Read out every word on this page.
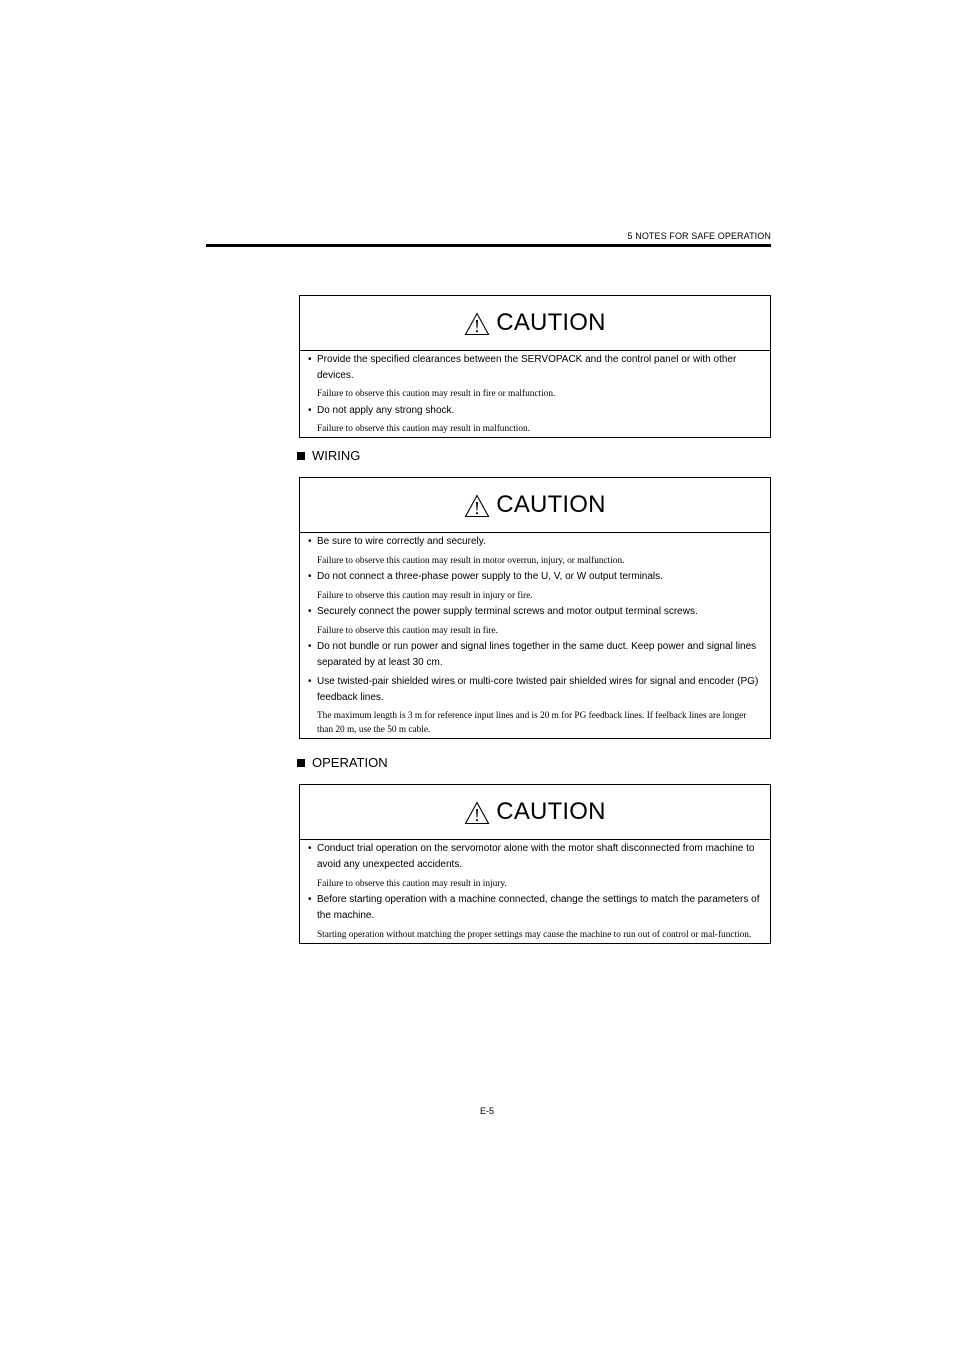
5 NOTES FOR SAFE OPERATION
CAUTION
• Provide the specified clearances between the SERVOPACK and the control panel or with other devices.
Failure to observe this caution may result in fire or malfunction.
• Do not apply any strong shock.
Failure to observe this caution may result in malfunction.
WIRING
CAUTION
• Be sure to wire correctly and securely.
Failure to observe this caution may result in motor overrun, injury, or malfunction.
• Do not connect a three-phase power supply to the U, V, or W output terminals.
Failure to observe this caution may result in injury or fire.
• Securely connect the power supply terminal screws and motor output terminal screws.
Failure to observe this caution may result in fire.
• Do not bundle or run power and signal lines together in the same duct. Keep power and signal lines separated by at least 30 cm.
• Use twisted-pair shielded wires or multi-core twisted pair shielded wires for signal and encoder (PG) feedback lines.
The maximum length is 3 m for reference input lines and is 20 m for PG feedback lines. If feelback lines are longer than 20 m, use the 50 m cable.
OPERATION
CAUTION
• Conduct trial operation on the servomotor alone with the motor shaft disconnected from machine to avoid any unexpected accidents.
Failure to observe this caution may result in injury.
• Before starting operation with a machine connected, change the settings to match the parameters of the machine.
Starting operation without matching the proper settings may cause the machine to run out of control or mal-function.
E-5
